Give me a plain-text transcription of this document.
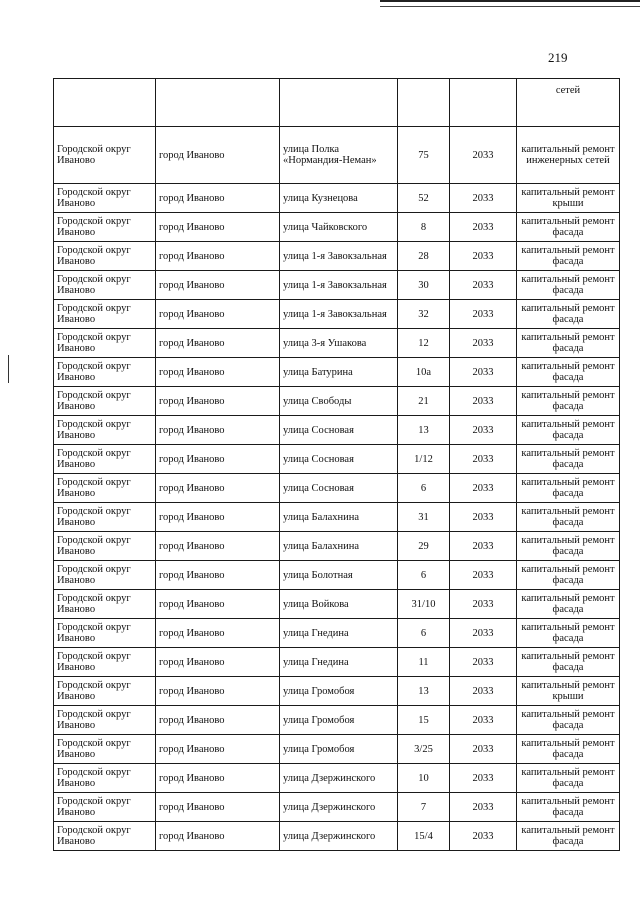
219
					сетей
Городской округ Иваново	город Иваново	улица Полка «Нормандия-Неман»	75	2033	капитальный ремонт инженерных сетей
Городской округ Иваново	город Иваново	улица Кузнецова	52	2033	капитальный ремонт крыши
Городской округ Иваново	город Иваново	улица Чайковского	8	2033	капитальный ремонт фасада
Городской округ Иваново	город Иваново	улица 1-я Завокзальная	28	2033	капитальный ремонт фасада
Городской округ Иваново	город Иваново	улица 1-я Завокзальная	30	2033	капитальный ремонт фасада
Городской округ Иваново	город Иваново	улица 1-я Завокзальная	32	2033	капитальный ремонт фасада
Городской округ Иваново	город Иваново	улица 3-я Ушакова	12	2033	капитальный ремонт фасада
Городской округ Иваново	город Иваново	улица Батурина	10а	2033	капитальный ремонт фасада
Городской округ Иваново	город Иваново	улица Свободы	21	2033	капитальный ремонт фасада
Городской округ Иваново	город Иваново	улица Сосновая	13	2033	капитальный ремонт фасада
Городской округ Иваново	город Иваново	улица Сосновая	1/12	2033	капитальный ремонт фасада
Городской округ Иваново	город Иваново	улица Сосновая	6	2033	капитальный ремонт фасада
Городской округ Иваново	город Иваново	улица Балахнина	31	2033	капитальный ремонт фасада
Городской округ Иваново	город Иваново	улица Балахнина	29	2033	капитальный ремонт фасада
Городской округ Иваново	город Иваново	улица Болотная	6	2033	капитальный ремонт фасада
Городской округ Иваново	город Иваново	улица Войкова	31/10	2033	капитальный ремонт фасада
Городской округ Иваново	город Иваново	улица Гнедина	6	2033	капитальный ремонт фасада
Городской округ Иваново	город Иваново	улица Гнедина	11	2033	капитальный ремонт фасада
Городской округ Иваново	город Иваново	улица Громобоя	13	2033	капитальный ремонт крыши
Городской округ Иваново	город Иваново	улица Громобоя	15	2033	капитальный ремонт фасада
Городской округ Иваново	город Иваново	улица Громобоя	3/25	2033	капитальный ремонт фасада
Городской округ Иваново	город Иваново	улица Дзержинского	10	2033	капитальный ремонт фасада
Городской округ Иваново	город Иваново	улица Дзержинского	7	2033	капитальный ремонт фасада
Городской округ Иваново	город Иваново	улица Дзержинского	15/4	2033	капитальный ремонт фасада
